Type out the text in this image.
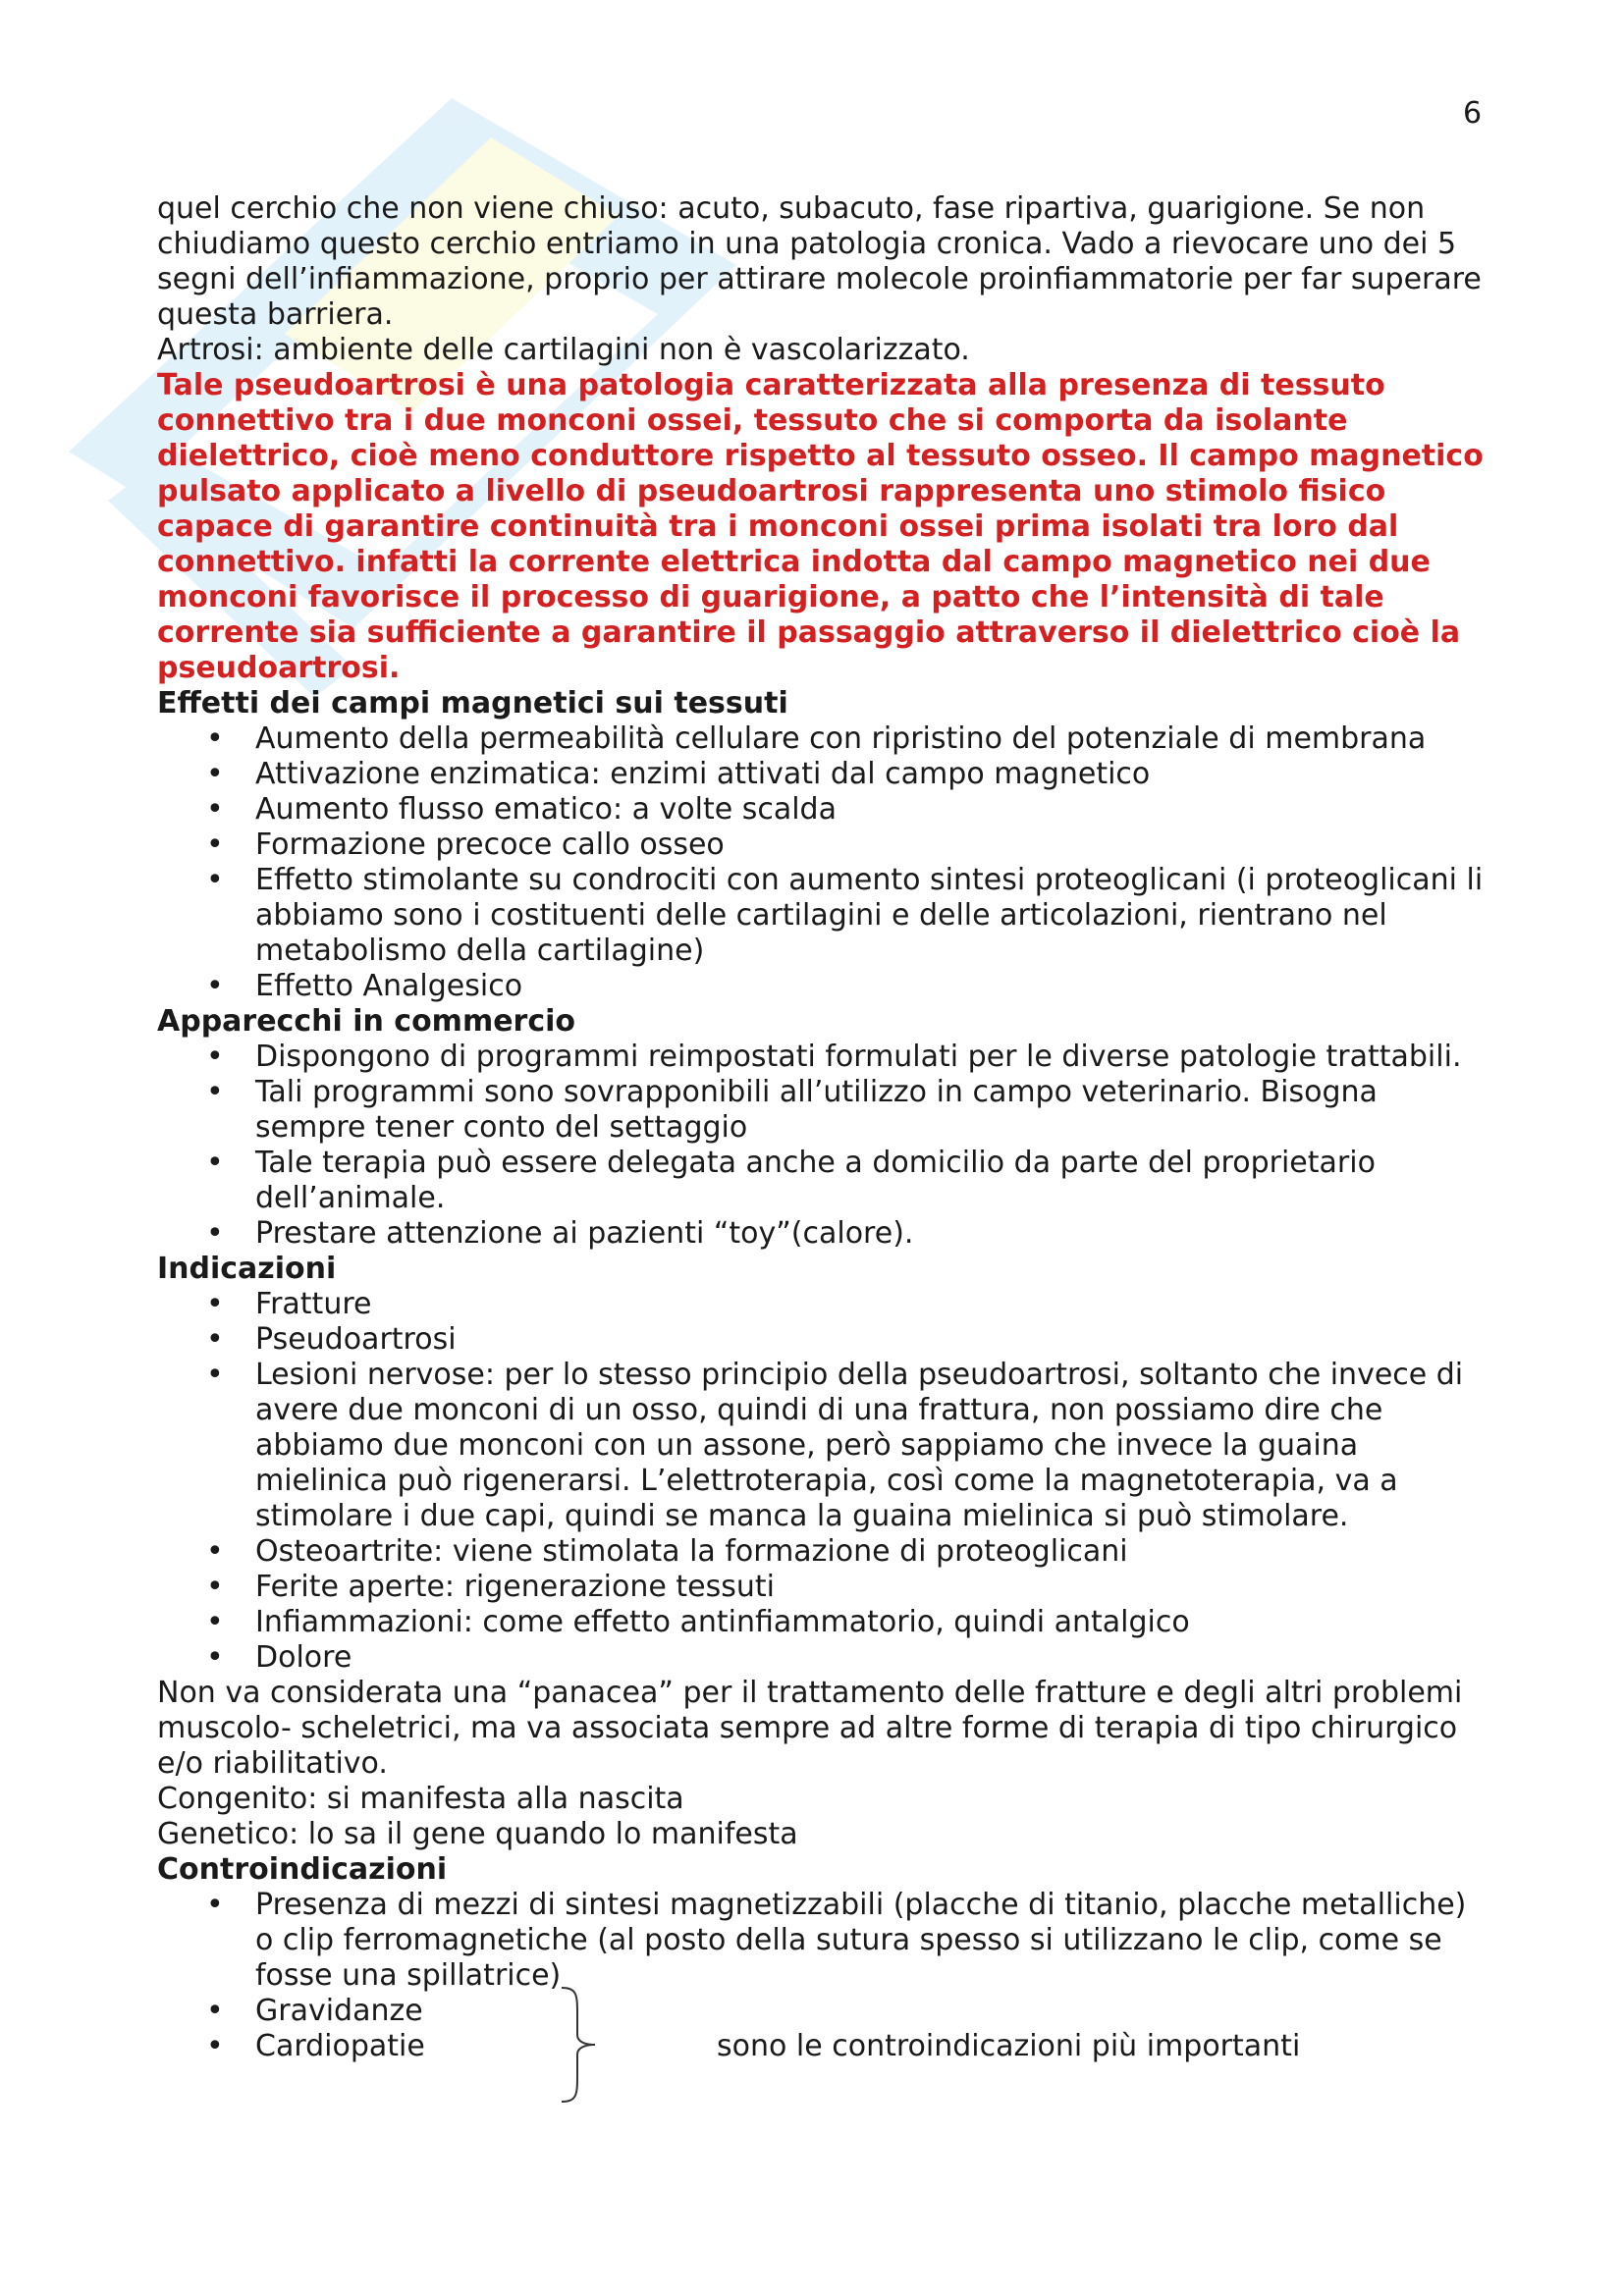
6

quel cerchio che non viene chiuso: acuto, subacuto, fase ripartiva, guarigione. Se non chiudiamo questo cerchio entriamo in una patologia cronica. Vado a rievocare uno dei 5 segni dell’infiammazione, proprio per attirare molecole proinfiammatorie per far superare questa barriera.

Artrosi: ambiente delle cartilagini non è vascolarizzato.

Tale pseudoartrosi è una patologia caratterizzata alla presenza di tessuto connettivo tra i due monconi ossei, tessuto che si comporta da isolante dielettrico, cioè meno conduttore rispetto al tessuto osseo. Il campo magnetico pulsato applicato a livello di pseudoartrosi rappresenta uno stimolo fisico capace di garantire continuità tra i monconi ossei prima isolati tra loro dal connettivo. infatti la corrente elettrica indotta dal campo magnetico nei due monconi favorisce il processo di guarigione, a patto che l’intensità di tale corrente sia sufficiente a garantire il passaggio attraverso il dielettrico cioè la pseudoartrosi.

Effetti dei campi magnetici sui tessuti

• Aumento della permeabilità cellulare con ripristino del potenziale di membrana
• Attivazione enzimatica: enzimi attivati dal campo magnetico
• Aumento flusso ematico: a volte scalda
• Formazione precoce callo osseo
• Effetto stimolante su condrociti con aumento sintesi proteoglicani (i proteoglicani li abbiamo sono i costituenti delle cartilagini e delle articolazioni, rientrano nel metabolismo della cartilagine)
• Effetto Analgesico

Apparecchi in commercio

• Dispongono di programmi reimpostati formulati per le diverse patologie trattabili.
• Tali programmi sono sovrapponibili all’utilizzo in campo veterinario. Bisogna sempre tener conto del settaggio
• Tale terapia può essere delegata anche a domicilio da parte del proprietario dell’animale.
• Prestare attenzione ai pazienti “toy”(calore).

Indicazioni

• Fratture
• Pseudoartrosi
• Lesioni nervose: per lo stesso principio della pseudoartrosi, soltanto che invece di avere due monconi di un osso, quindi di una frattura, non possiamo dire che abbiamo due monconi con un assone, però sappiamo che invece la guaina mielinica può rigenerarsi. L’elettroterapia, così come la magnetoterapia, va a stimolare i due capi, quindi se manca la guaina mielinica si può stimolare.
• Osteoartrite: viene stimolata la formazione di proteoglicani
• Ferite aperte: rigenerazione tessuti
• Infiammazioni: come effetto antinfiammatorio, quindi antalgico
• Dolore

Non va considerata una “panacea” per il trattamento delle fratture e degli altri problemi muscolo- scheletrici, ma va associata sempre ad altre forme di terapia di tipo chirurgico e/o riabilitativo.

Congenito: si manifesta alla nascita

Genetico: lo sa il gene quando lo manifesta

Controindicazioni

• Presenza di mezzi di sintesi magnetizzabili (placche di titanio, placche metalliche) o clip ferromagnetiche (al posto della sutura spesso si utilizzano le clip, come se fosse una spillatrice)
• Gravidanze
• Cardiopatie	sono le controindicazioni più importanti
